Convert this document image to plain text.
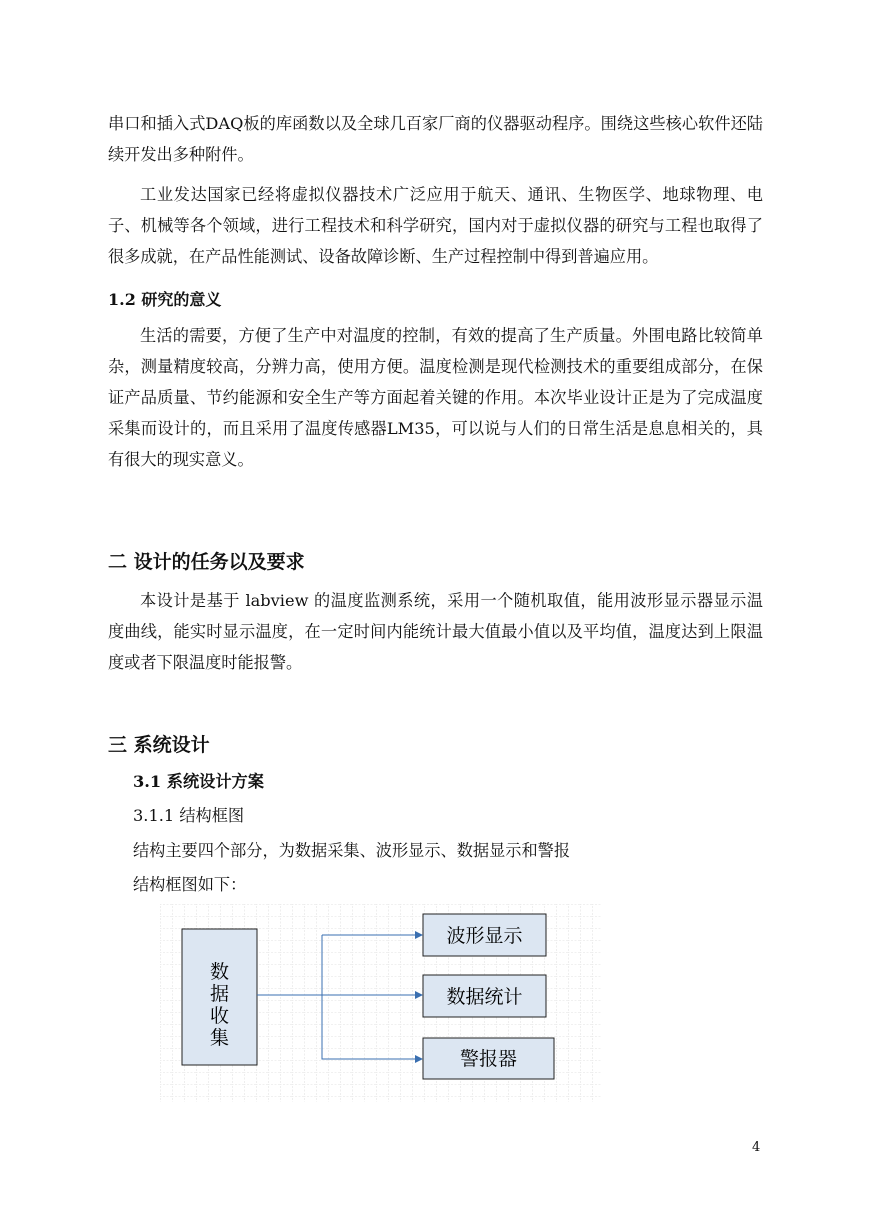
串口和插入式DAQ板的库函数以及全球几百家厂商的仪器驱动程序。围绕这些核心软件还陆续开发出多种附件。

工业发达国家已经将虚拟仪器技术广泛应用于航天、通讯、生物医学、地球物理、电子、机械等各个领域，进行工程技术和科学研究，国内对于虚拟仪器的研究与工程也取得了很多成就，在产品性能测试、设备故障诊断、生产过程控制中得到普遍应用。

1.2 研究的意义

生活的需要，方便了生产中对温度的控制，有效的提高了生产质量。外围电路比较简单杂，测量精度较高，分辨力高，使用方便。温度检测是现代检测技术的重要组成部分，在保证产品质量、节约能源和安全生产等方面起着关键的作用。本次毕业设计正是为了完成温度采集而设计的，而且采用了温度传感器LM35，可以说与人们的日常生活是息息相关的，具有很大的现实意义。

二 设计的任务以及要求

本设计是基于 labview 的温度监测系统，采用一个随机取值，能用波形显示器显示温度曲线，能实时显示温度，在一定时间内能统计最大值最小值以及平均值，温度达到上限温度或者下限温度时能报警。

三 系统设计

3.1 系统设计方案

3.1.1 结构框图

结构主要四个部分，为数据采集、波形显示、数据显示和警报

结构框图如下：

数
据
收
集
波形显示
数据统计
警报器
4
